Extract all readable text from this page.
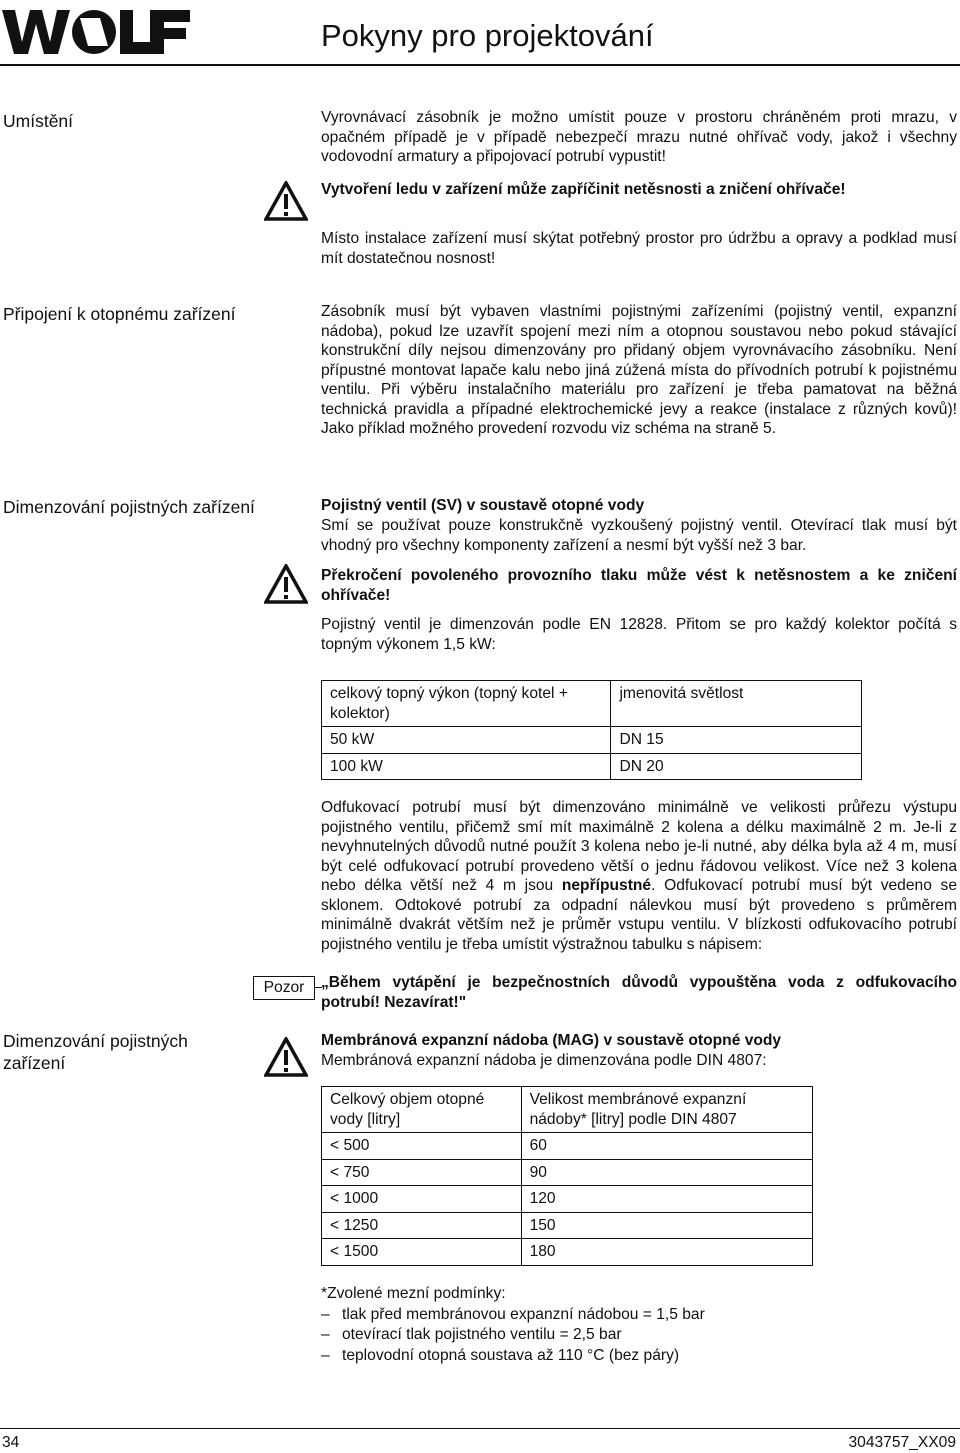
Pokyny pro projektování
Umístění	Vyrovnávací zásobník je možno umístit pouze v prostoru chráněném proti mrazu, v opačném případě je v případě nebezpečí mrazu nutné ohřívač vody, jakož i všechny vodovodní armatury a připojovací potrubí vypustit!

Vytvoření ledu v zařízení může zapříčinit netěsnosti a zničení ohřívače!

Místo instalace zařízení musí skýtat potřebný prostor pro údržbu a opravy a podklad musí mít dostatečnou nosnost!

Připojení k otopnému zařízení	Zásobník musí být vybaven vlastními pojistnými zařízeními (pojistný ventil, expanzní nádoba), pokud lze uzavřít spojení mezi ním a otopnou soustavou nebo pokud stávající konstrukční díly nejsou dimenzovány pro přidaný objem vyrovnávacího zásobníku. Není přípustné montovat lapače kalu nebo jiná zúžená místa do přívodních potrubí k pojistnému ventilu. Při výběru instalačního materiálu pro zařízení je třeba pamatovat na běžná technická pravidla a případné elektrochemické jevy a reakce (instalace z různých kovů)! Jako příklad možného provedení rozvodu viz schéma na straně 5.

Dimenzování pojistných zařízení	Pojistný ventil (SV) v soustavě otopné vody

Smí se používat pouze konstrukčně vyzkoušený pojistný ventil. Otevírací tlak musí být vhodný pro všechny komponenty zařízení a nesmí být vyšší než 3 bar.

Překročení povoleného provozního tlaku může vést k netěsnostem a ke zničení ohřívače!

Pojistný ventil je dimenzován podle EN 12828. Přitom se pro každý kolektor počítá s topným výkonem 1,5 kW:

celkový topný výkon (topný kotel + kolektor)	jmenovitá světlost
50 kW	DN 15
100 kW	DN 20

Odfukovací potrubí musí být dimenzováno minimálně ve velikosti průřezu výstupu pojistného ventilu, přičemž smí mít maximálně 2 kolena a délku maximálně 2 m. Je-li z nevyhnutelných důvodů nutné použít 3 kolena nebo je-li nutné, aby délka byla až 4 m, musí být celé odfukovací potrubí provedeno větší o jednu řádovou velikost. Více než 3 kolena nebo délka větší než 4 m jsou nepřípustné. Odfukovací potrubí musí být vedeno se sklonem. Odtokové potrubí za odpadní nálevkou musí být provedeno s průměrem minimálně dvakrát větším než je průměr vstupu ventilu. V blízkosti odfukovacího potrubí pojistného ventilu je třeba umístit výstražnou tabulku s nápisem:

Pozor	„Během vytápění je bezpečnostních důvodů vypouštěna voda z odfukovacího potrubí! Nezavírat!"

Dimenzování pojistných zařízení

Membránová expanzní nádoba (MAG) v soustavě otopné vody

Membránová expanzní nádoba je dimenzována podle DIN 4807:

Celkový objem otopné vody [litry]	Velikost membránové expanzní nádoby* [litry] podle DIN 4807
< 500	60
< 750	90
< 1000	120
< 1250	150
< 1500	180
*Zvolené mezní podmínky:
– tlak před membránovou expanzní nádobou = 1,5 bar
– otevírací tlak pojistného ventilu = 2,5 bar
– teplovodní otopná soustava až 110 °C (bez páry)
34	3043757_XX09
